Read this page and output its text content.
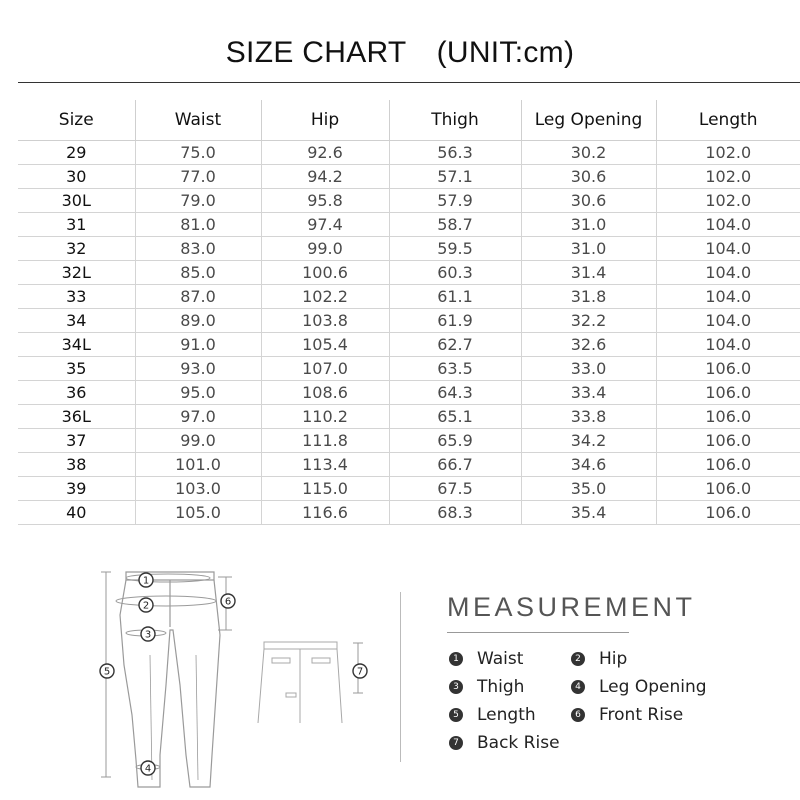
SIZE CHART (UNIT:cm)
Size	Waist	Hip	Thigh	Leg Opening	Length
29	75.0	92.6	56.3	30.2	102.0
30	77.0	94.2	57.1	30.6	102.0
30L	79.0	95.8	57.9	30.6	102.0
31	81.0	97.4	58.7	31.0	104.0
32	83.0	99.0	59.5	31.0	104.0
32L	85.0	100.6	60.3	31.4	104.0
33	87.0	102.2	61.1	31.8	104.0
34	89.0	103.8	61.9	32.2	104.0
34L	91.0	105.4	62.7	32.6	104.0
35	93.0	107.0	63.5	33.0	106.0
36	95.0	108.6	64.3	33.4	106.0
36L	97.0	110.2	65.1	33.8	106.0
37	99.0	111.8	65.9	34.2	106.0
38	101.0	113.4	66.7	34.6	106.0
39	103.0	115.0	67.5	35.0	106.0
40	105.0	116.6	68.3	35.4	106.0
1
2
3
4
5
6
7
MEASUREMENT
1 Waist	2 Hip
3 Thigh	4 Leg Opening
5 Length	6 Front Rise
7 Back Rise
